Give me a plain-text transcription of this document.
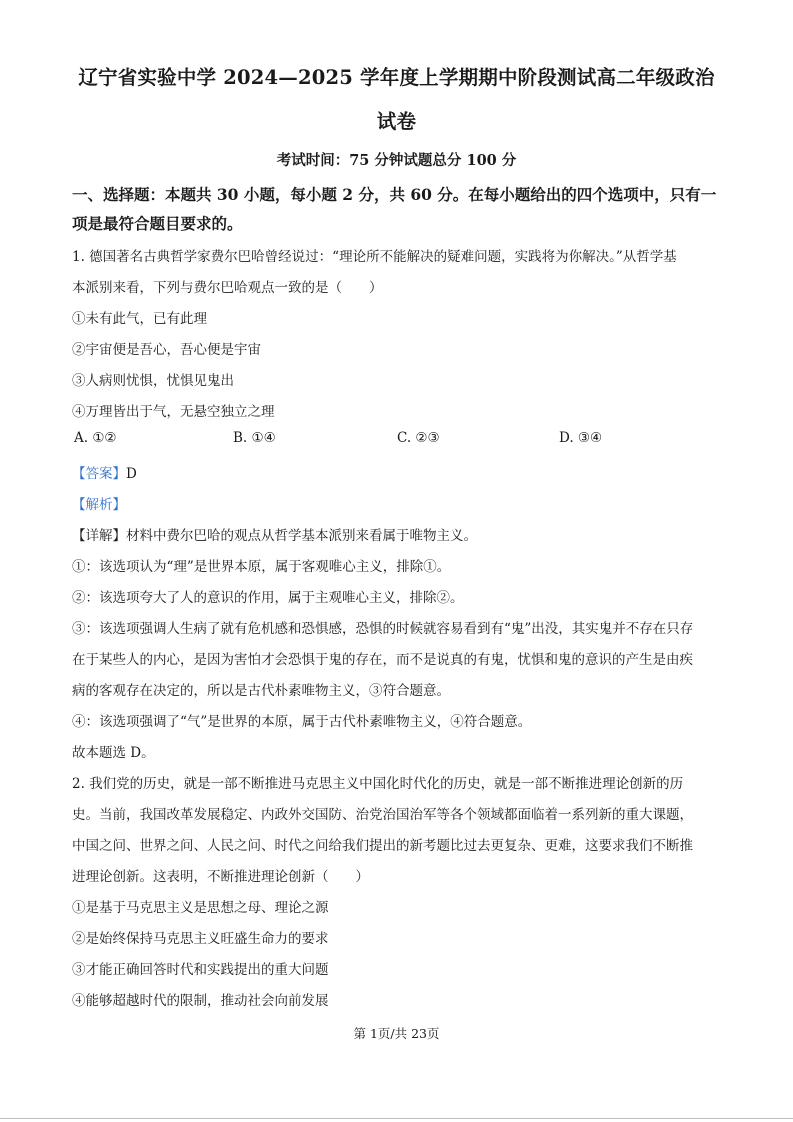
辽宁省实验中学 2024—2025 学年度上学期期中阶段测试高二年级政治
试卷
考试时间：75 分钟试题总分 100 分
一、选择题：本题共 30 小题，每小题 2 分，共 60 分。在每小题给出的四个选项中，只有一
项是最符合题目要求的。
1. 德国著名古典哲学家费尔巴哈曾经说过：“理论所不能解决的疑难问题，实践将为你解决。”从哲学基
本派别来看，下列与费尔巴哈观点一致的是（　　）
①未有此气，已有此理
②宇宙便是吾心，吾心便是宇宙
③人病则忧惧，忧惧见鬼出
④万理皆出于气，无悬空独立之理
A. ①②	B. ①④	C. ②③	D. ③④
【答案】D
【解析】
【详解】材料中费尔巴哈的观点从哲学基本派别来看属于唯物主义。
①：该选项认为“理”是世界本原，属于客观唯心主义，排除①。
②：该选项夸大了人的意识的作用，属于主观唯心主义，排除②。
③：该选项强调人生病了就有危机感和恐惧感，恐惧的时候就容易看到有“鬼”出没，其实鬼并不存在只存
在于某些人的内心，是因为害怕才会恐惧于鬼的存在，而不是说真的有鬼，忧惧和鬼的意识的产生是由疾
病的客观存在决定的，所以是古代朴素唯物主义，③符合题意。
④：该选项强调了“气”是世界的本原，属于古代朴素唯物主义，④符合题意。
故本题选 D。
2. 我们党的历史，就是一部不断推进马克思主义中国化时代化的历史，就是一部不断推进理论创新的历
史。当前，我国改革发展稳定、内政外交国防、治党治国治军等各个领域都面临着一系列新的重大课题，
中国之问、世界之问、人民之问、时代之问给我们提出的新考题比过去更复杂、更难，这要求我们不断推
进理论创新。这表明，不断推进理论创新（　　）
①是基于马克思主义是思想之母、理论之源
②是始终保持马克思主义旺盛生命力的要求
③才能正确回答时代和实践提出的重大问题
④能够超越时代的限制，推动社会向前发展
第 1页/共 23页
